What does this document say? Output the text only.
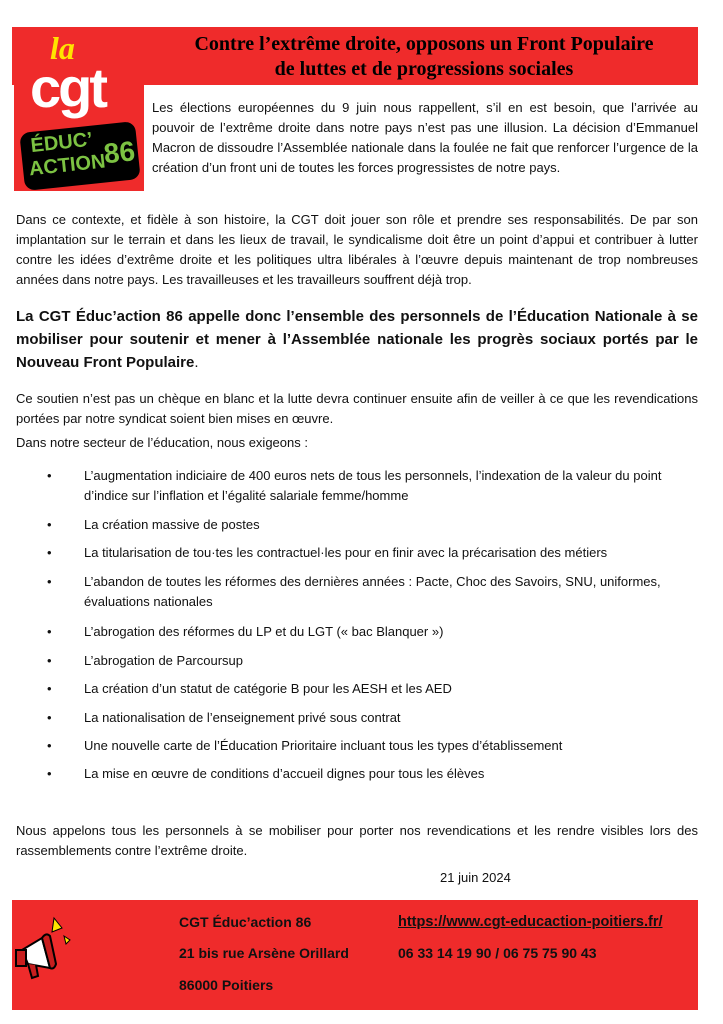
Contre l’extrême droite, opposons un Front Populaire
de luttes et de progressions sociales
la
cgt
ÉDUC’
ACTION
86

Les élections européennes du 9 juin nous rappellent, s’il en est besoin, que l’arrivée au pouvoir de l’extrême droite dans notre pays n’est pas une illusion. La décision d’Emmanuel Macron de dissoudre l’Assemblée nationale dans la foulée ne fait que renforcer l’urgence de la création d’un front uni de toutes les forces progressistes de notre pays.

Dans ce contexte, et fidèle à son histoire, la CGT doit jouer son rôle et prendre ses responsabilités. De par son implantation sur le terrain et dans les lieux de travail, le syndicalisme doit être un point d’appui et contribuer à lutter contre les idées d’extrême droite et les politiques ultra libérales à l’œuvre depuis maintenant de trop nombreuses années dans notre pays. Les travailleuses et les travailleurs souffrent déjà trop.

La CGT Éduc’action 86 appelle donc l’ensemble des personnels de l’Éducation Nationale à se mobiliser pour soutenir et mener à l’Assemblée nationale les progrès sociaux portés par le Nouveau Front Populaire.

Ce soutien n’est pas un chèque en blanc et la lutte devra continuer ensuite afin de veiller à ce que les revendications portées par notre syndicat soient bien mises en œuvre.

Dans notre secteur de l’éducation, nous exigeons :

• L’augmentation indiciaire de 400 euros nets de tous les personnels, l’indexation de la valeur du point d’indice sur l’inflation et l’égalité salariale femme/homme
• La création massive de postes
• La titularisation de tou·tes les contractuel·les pour en finir avec la précarisation des métiers
• L’abandon de toutes les réformes des dernières années : Pacte, Choc des Savoirs, SNU, uniformes, évaluations nationales
• L’abrogation des réformes du LP et du LGT (« bac Blanquer »)
• L’abrogation de Parcoursup
• La création d’un statut de catégorie B pour les AESH et les AED
• La nationalisation de l’enseignement privé sous contrat
• Une nouvelle carte de l’Éducation Prioritaire incluant tous les types d’établissement
• La mise en œuvre de conditions d’accueil dignes pour tous les élèves

Nous appelons tous les personnels à se mobiliser pour porter nos revendications et les rendre visibles lors des rassemblements contre l’extrême droite.

21 juin 2024

CGT Éduc’action 86
21 bis rue Arsène Orillard
86000 Poitiers
https://www.cgt-educaction-poitiers.fr/
06 33 14 19 90 / 06 75 75 90 43
